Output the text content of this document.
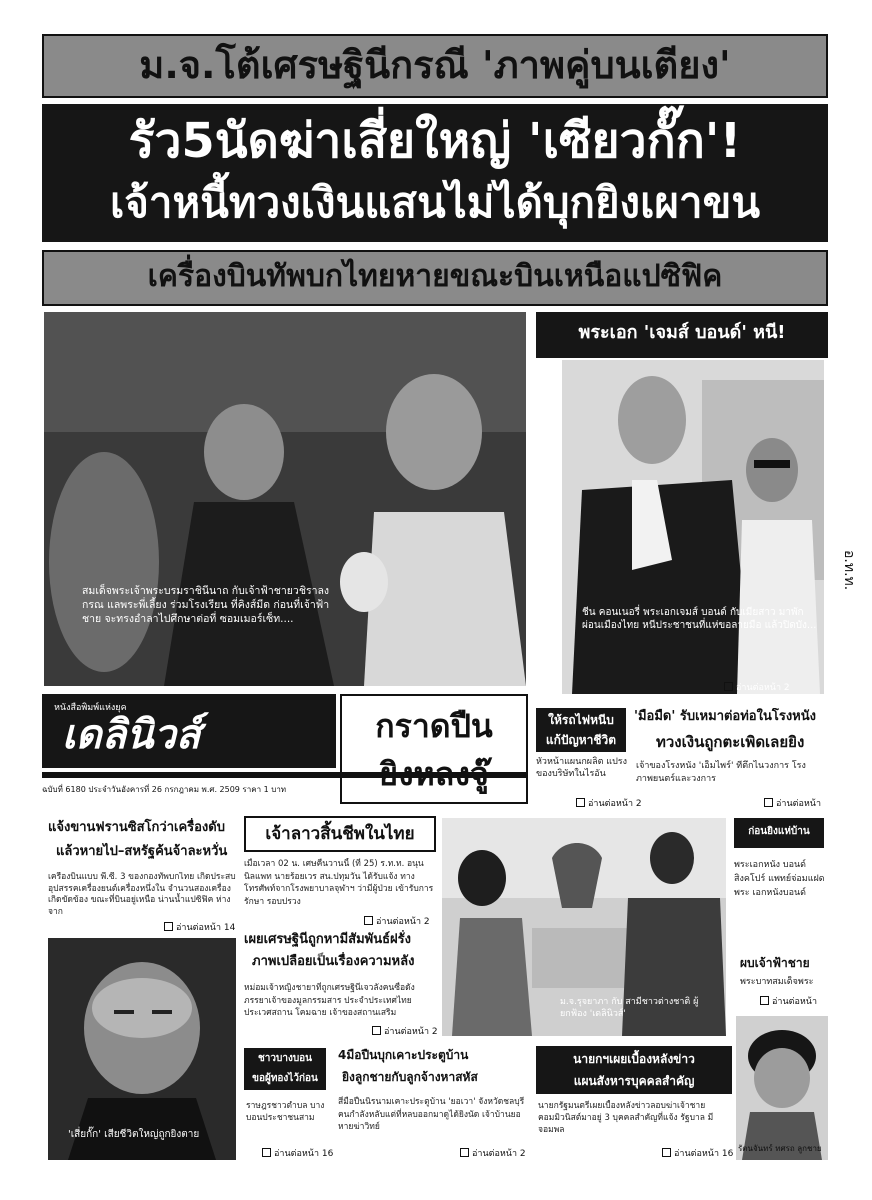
ม.จ.โต้เศรษฐินีกรณี 'ภาพคู่บนเตียง'
รัว5นัดฆ่าเสี่ยใหญ่ 'เซียวกั๊ก'!
เจ้าหนี้ทวงเงินแสนไม่ได้บุกยิงเผาขน
เครื่องบินทัพบกไทยหายขณะบินเหนือแปซิฟิค
สมเด็จพระเจ้าพระบรมราชินีนาถ กับเจ้าฟ้าชายวชิราลงกรณ แลพระพี่เลี้ยง ร่วมโรงเรียน ที่คิงส์มีด ก่อนที่เจ้าฟ้าชาย จะทรงอำลาไปศึกษาต่อที่ ซอมเมอร์เซ็ท....
พระเอก 'เจมส์ บอนด์' หนี!
ชีน คอนเนอรี่ พระเอกเจมส์ บอนด์ กับเมียสาว มาพักผ่อนเมืองไทย หนีประชาชนที่แห่ขอลายมือ แล้วปิดบัง...
อ่านต่อหน้า 2
อ.ท.ท.
หนังสือพิมพ์แห่งยุค
เดลินิวส์
ฉบับที่ 6180 ประจำวันอังคารที่ 26 กรกฎาคม พ.ศ. 2509 ราคา 1 บาท
กราดปืน
ยิงหลงจู๊
ให้รถไฟหนีบ
แก้ปัญหาชีวิต
หัวหน้าแผนกผลิต แปรงของบริษัทในไรอัน
อ่านต่อหน้า 2
'มือมืด' รับเหมาต่อท่อในโรงหนัง
ทวงเงินถูกตะเพิดเลยยิง
เจ้าของโรงหนัง 'เอ็มไพร์' ที่ตึกไนวงการ โรงภาพยนตร์และวงการ
อ่านต่อหน้า
แจ้งขานฟรานซิสโกว่าเครื่องดับ
แล้วหายไป–สหรัฐค้นจ้าละหวั่น
เครื่องบินแบบ พี.ซี. 3 ของกองทัพบกไทย เกิดประสบอุปสรรคเครื่องยนต์เครื่องหนึ่งใน จำนวนสองเครื่องเกิดขัดข้อง ขณะที่บินอยู่เหนือ น่านน้ำแปซิฟิค ห่างจาก
อ่านต่อหน้า 14
เจ้าลาวสิ้นชีพในไทย
เมื่อเวลา 02 น. เศษคืนวานนี้ (ที่ 25) ร.ท.ท. อนุน นิลแพท นายร้อยเวร สน.ปทุมวัน ได้รับแจ้ง ทางโทรศัพท์จากโรงพยาบาลจุฬาฯ ว่ามีผู้ป่วย เข้ารับการรักษา รอบปรวง
อ่านต่อหน้า 2
ม.จ.รุจยาภา กับ สามีชาวต่างชาติ ผู้ยกฟ้อง 'เดลินิวส์'
ก่อนยิงแห่บ้าน
พระเอกหนัง บอนด์
สิงคโปร์ แพทย์จ่อมแฝด
พระ เอกหนังบอนด์
ผบเจ้าฟ้าชาย
พระบาทสมเด็จพระ
อ่านต่อหน้า
เผยเศรษฐินีถูกหามีสัมพันธ์ฝรั่ง
ภาพเปลือยเป็นเรื่องความหลัง
หม่อมเจ้าหญิงชายาที่ถูกเศรษฐินีเจวลังคนซื่อดัง ภรรยาเจ้าของมูลกรรมสาร ประจำประเทศไทย ประเวศสถาน โคมฉาย เจ้าของสถานเสริม
อ่านต่อหน้า 2
'เสี่ยกั๊ก' เสียชีวิตใหญ่ถูกยิงตาย
ชาวบางบอน
ขอผู้ทองไว้ก่อน
ราษฎรชาวตำบล บางบอนประชาชนสาม
อ่านต่อหน้า 16
4มือปืนบุกเคาะประตูบ้าน
ยิงลูกชายกับลูกจ้างหาสหัส
สี่มือปืนนิรนามเคาะประตูบ้าน 'ยอเวา' จังหวัดชลบุรี คนกำลังหลับแต่ที่หลบออกมาดูได้ยิงนัด เจ้าบ้านยอหายฆ่าวิทย์
อ่านต่อหน้า 2
นายกฯเผยเบื้องหลังข่าว
แผนสังหารบุคคลสำคัญ
นายกรัฐมนตรีเผยเบื้องหลังข่าวลอบฆ่าเจ้าชาย คอมมิวนิสต์มาอยู่ 3 บุคคลสำคัญที่แจ้ง รัฐบาล มีจอมพล
อ่านต่อหน้า 16
รัตนจันทร์ ทศรถ ลูกชาย
